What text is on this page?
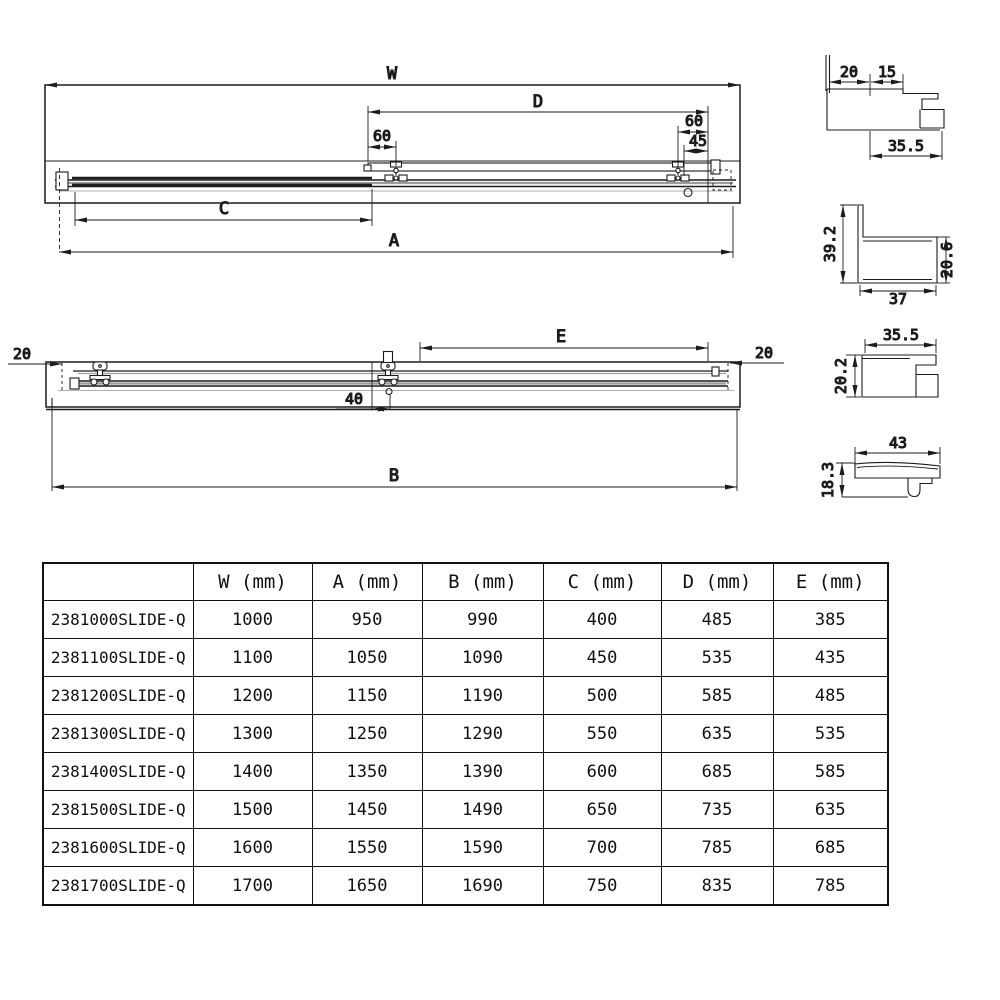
W
D
60
60
45
C
A
E
20	20
40
B
20 15
35.5
39.2	20.6
37
35.5
20.2
43
18.3
	W (mm)	A (mm)	B (mm)	C (mm)	D (mm)	E (mm)
2381000SLIDE-Q	1000	950	990	400	485	385
2381100SLIDE-Q	1100	1050	1090	450	535	435
2381200SLIDE-Q	1200	1150	1190	500	585	485
2381300SLIDE-Q	1300	1250	1290	550	635	535
2381400SLIDE-Q	1400	1350	1390	600	685	585
2381500SLIDE-Q	1500	1450	1490	650	735	635
2381600SLIDE-Q	1600	1550	1590	700	785	685
2381700SLIDE-Q	1700	1650	1690	750	835	785
